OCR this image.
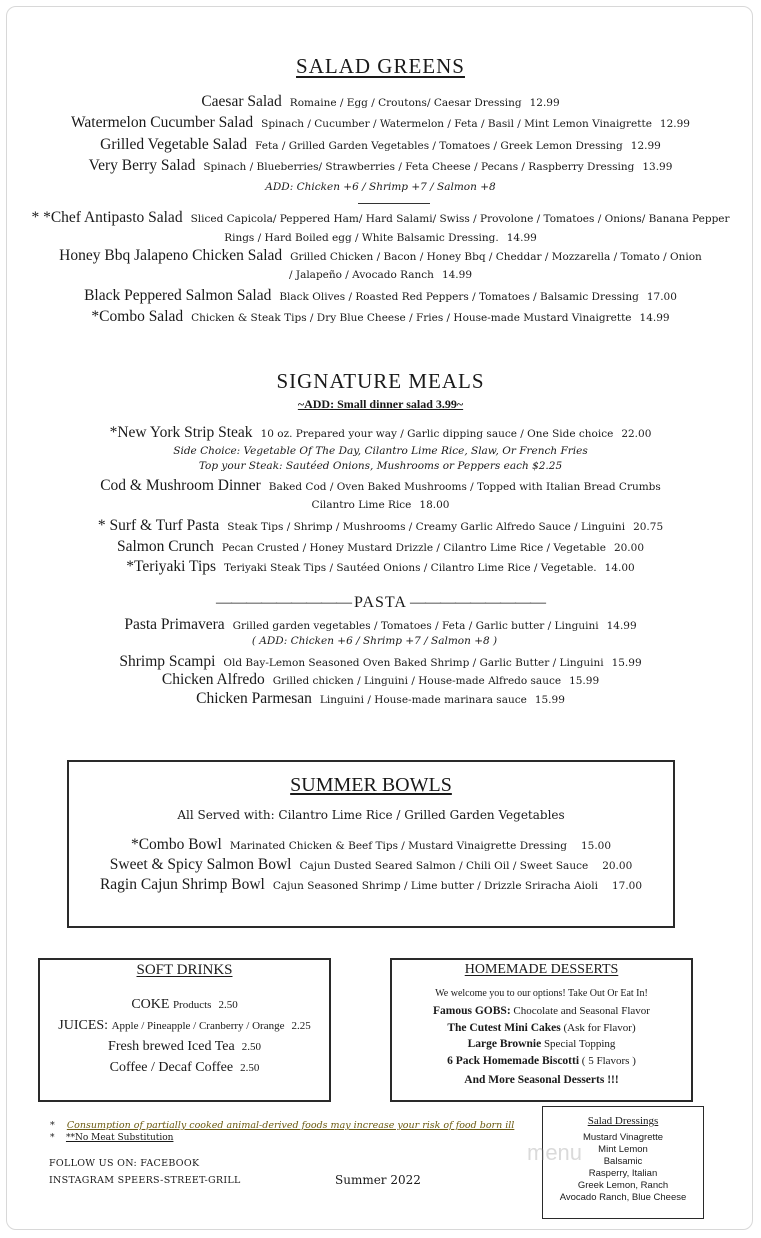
SALAD GREENS
Caesar Salad Romaine / Egg / Croutons/ Caesar Dressing 12.99
Watermelon Cucumber Salad Spinach / Cucumber / Watermelon / Feta / Basil / Mint Lemon Vinaigrette 12.99
Grilled Vegetable Salad Feta / Grilled Garden Vegetables / Tomatoes / Greek Lemon Dressing 12.99
Very Berry Salad Spinach / Blueberries/ Strawberries / Feta Cheese / Pecans / Raspberry Dressing 13.99
ADD: Chicken +6 / Shrimp +7 / Salmon +8
* *Chef Antipasto Salad Sliced Capicola/ Peppered Ham/ Hard Salami/ Swiss / Provolone / Tomatoes / Onions/ Banana Pepper
Rings / Hard Boiled egg / White Balsamic Dressing. 14.99
Honey Bbq Jalapeno Chicken Salad Grilled Chicken / Bacon / Honey Bbq / Cheddar / Mozzarella / Tomato / Onion
/ Jalapeño / Avocado Ranch 14.99
Black Peppered Salmon Salad Black Olives / Roasted Red Peppers / Tomatoes / Balsamic Dressing 17.00
*Combo Salad Chicken & Steak Tips / Dry Blue Cheese / Fries / House-made Mustard Vinaigrette 14.99
SIGNATURE MEALS
~ADD: Small dinner salad 3.99~
*New York Strip Steak 10 oz. Prepared your way / Garlic dipping sauce / One Side choice 22.00
Side Choice: Vegetable Of The Day, Cilantro Lime Rice, Slaw, Or French Fries
Top your Steak: Sautéed Onions, Mushrooms or Peppers each $2.25
Cod & Mushroom Dinner Baked Cod / Oven Baked Mushrooms / Topped with Italian Bread Crumbs
Cilantro Lime Rice 18.00
* Surf & Turf Pasta Steak Tips / Shrimp / Mushrooms / Creamy Garlic Alfredo Sauce / Linguini 20.75
Salmon Crunch Pecan Crusted / Honey Mustard Drizzle / Cilantro Lime Rice / Vegetable 20.00
*Teriyaki Tips Teriyaki Steak Tips / Sautéed Onions / Cilantro Lime Rice / Vegetable. 14.00
————————— PASTA —————————
Pasta Primavera Grilled garden vegetables / Tomatoes / Feta / Garlic butter / Linguini 14.99
( ADD: Chicken +6 / Shrimp +7 / Salmon +8 )
Shrimp Scampi Old Bay-Lemon Seasoned Oven Baked Shrimp / Garlic Butter / Linguini 15.99
Chicken Alfredo Grilled chicken / Linguini / House-made Alfredo sauce 15.99
Chicken Parmesan Linguini / House-made marinara sauce 15.99
SUMMER BOWLS
All Served with: Cilantro Lime Rice / Grilled Garden Vegetables
*Combo Bowl Marinated Chicken & Beef Tips / Mustard Vinaigrette Dressing 15.00
Sweet & Spicy Salmon Bowl Cajun Dusted Seared Salmon / Chili Oil / Sweet Sauce 20.00
Ragin Cajun Shrimp Bowl Cajun Seasoned Shrimp / Lime butter / Drizzle Sriracha Aioli 17.00
SOFT DRINKS
COKE Products 2.50
JUICES: Apple / Pineapple / Cranberry / Orange 2.25
Fresh brewed Iced Tea 2.50
Coffee / Decaf Coffee 2.50
HOMEMADE DESSERTS
We welcome you to our options! Take Out Or Eat In!
Famous GOBS: Chocolate and Seasonal Flavor
The Cutest Mini Cakes (Ask for Flavor)
Large Brownie Special Topping
6 Pack Homemade Biscotti ( 5 Flavors )
And More Seasonal Desserts !!!
Salad Dressings
Mustard Vinagrette
Mint Lemon
Balsamic
Rasperry, Italian
Greek Lemon, Ranch
Avocado Ranch, Blue Cheese
menu
*    Consumption of partially cooked animal-derived foods may increase your risk of food born ill
*    **No Meat Substitution
FOLLOW US ON: FACEBOOK
INSTAGRAM SPEERS-STREET-GRILL	Summer 2022
